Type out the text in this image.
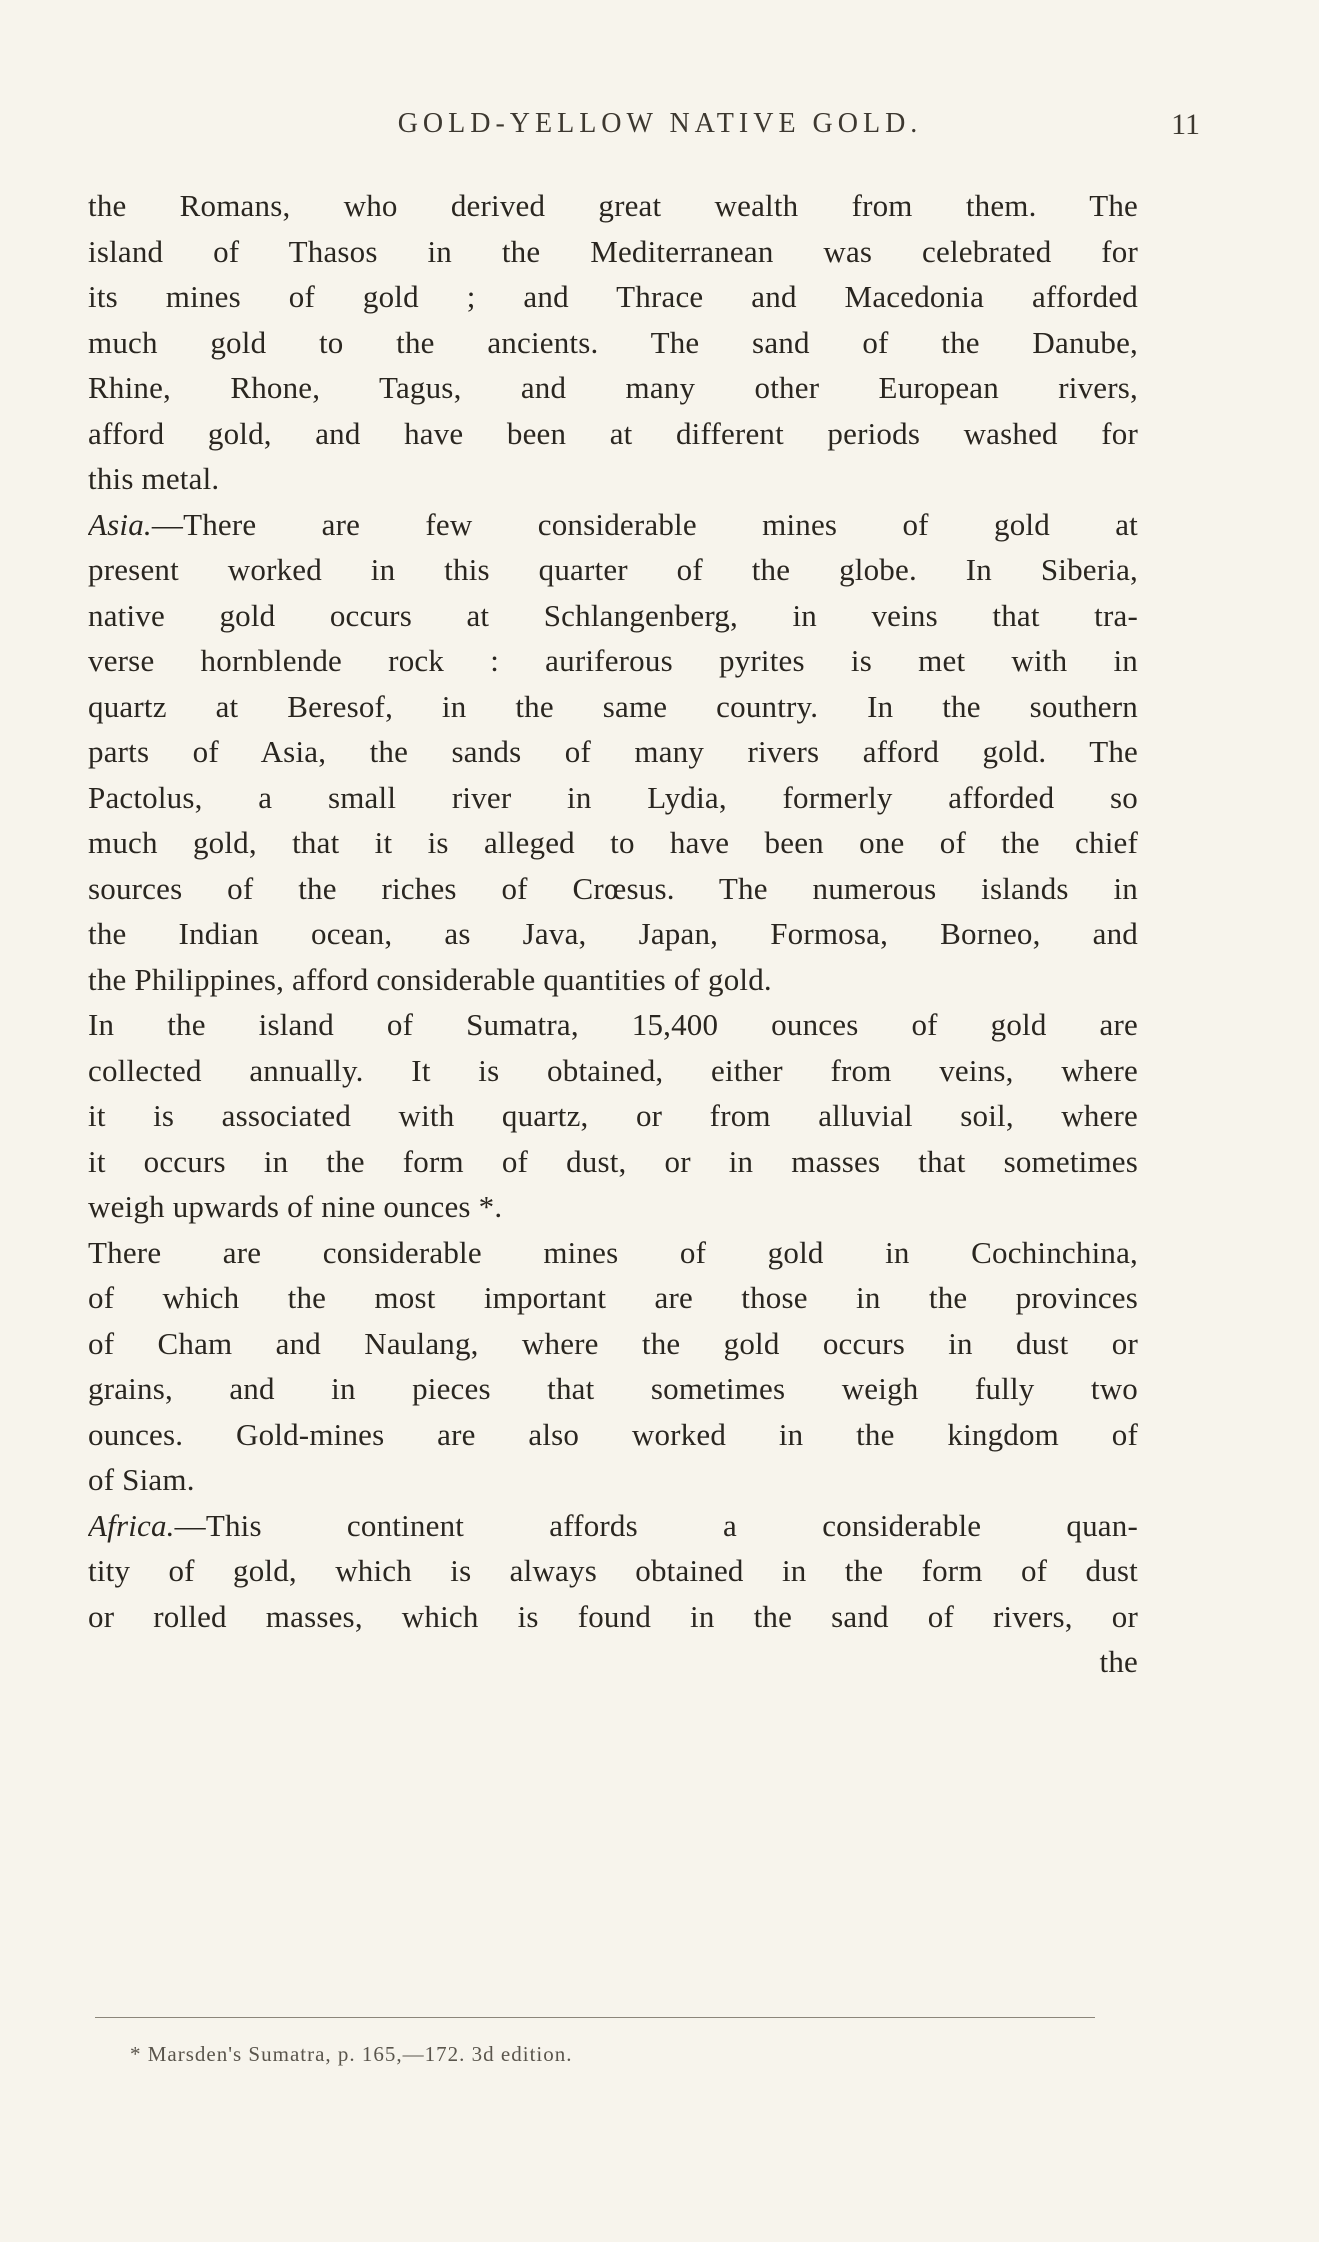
GOLD-YELLOW NATIVE GOLD.	11
the Romans, who derived great wealth from them. The
island of Thasos in the Mediterranean was celebrated for
its mines of gold ; and Thrace and Macedonia afforded
much gold to the ancients. The sand of the Danube,
Rhine, Rhone, Tagus, and many other European rivers,
afford gold, and have been at different periods washed for
this metal.
Asia.—There are few considerable mines of gold at
present worked in this quarter of the globe. In Siberia,
native gold occurs at Schlangenberg, in veins that tra-
verse hornblende rock : auriferous pyrites is met with in
quartz at Beresof, in the same country. In the southern
parts of Asia, the sands of many rivers afford gold. The
Pactolus, a small river in Lydia, formerly afforded so
much gold, that it is alleged to have been one of the chief
sources of the riches of Crœsus. The numerous islands in
the Indian ocean, as Java, Japan, Formosa, Borneo, and
the Philippines, afford considerable quantities of gold.
In the island of Sumatra, 15,400 ounces of gold are
collected annually. It is obtained, either from veins, where
it is associated with quartz, or from alluvial soil, where
it occurs in the form of dust, or in masses that sometimes
weigh upwards of nine ounces *.
There are considerable mines of gold in Cochinchina,
of which the most important are those in the provinces
of Cham and Naulang, where the gold occurs in dust or
grains, and in pieces that sometimes weigh fully two
ounces. Gold-mines are also worked in the kingdom of
of Siam.
Africa.—This continent affords a considerable quan-
tity of gold, which is always obtained in the form of dust
or rolled masses, which is found in the sand of rivers, or
the
* Marsden's Sumatra, p. 165,—172. 3d edition.
